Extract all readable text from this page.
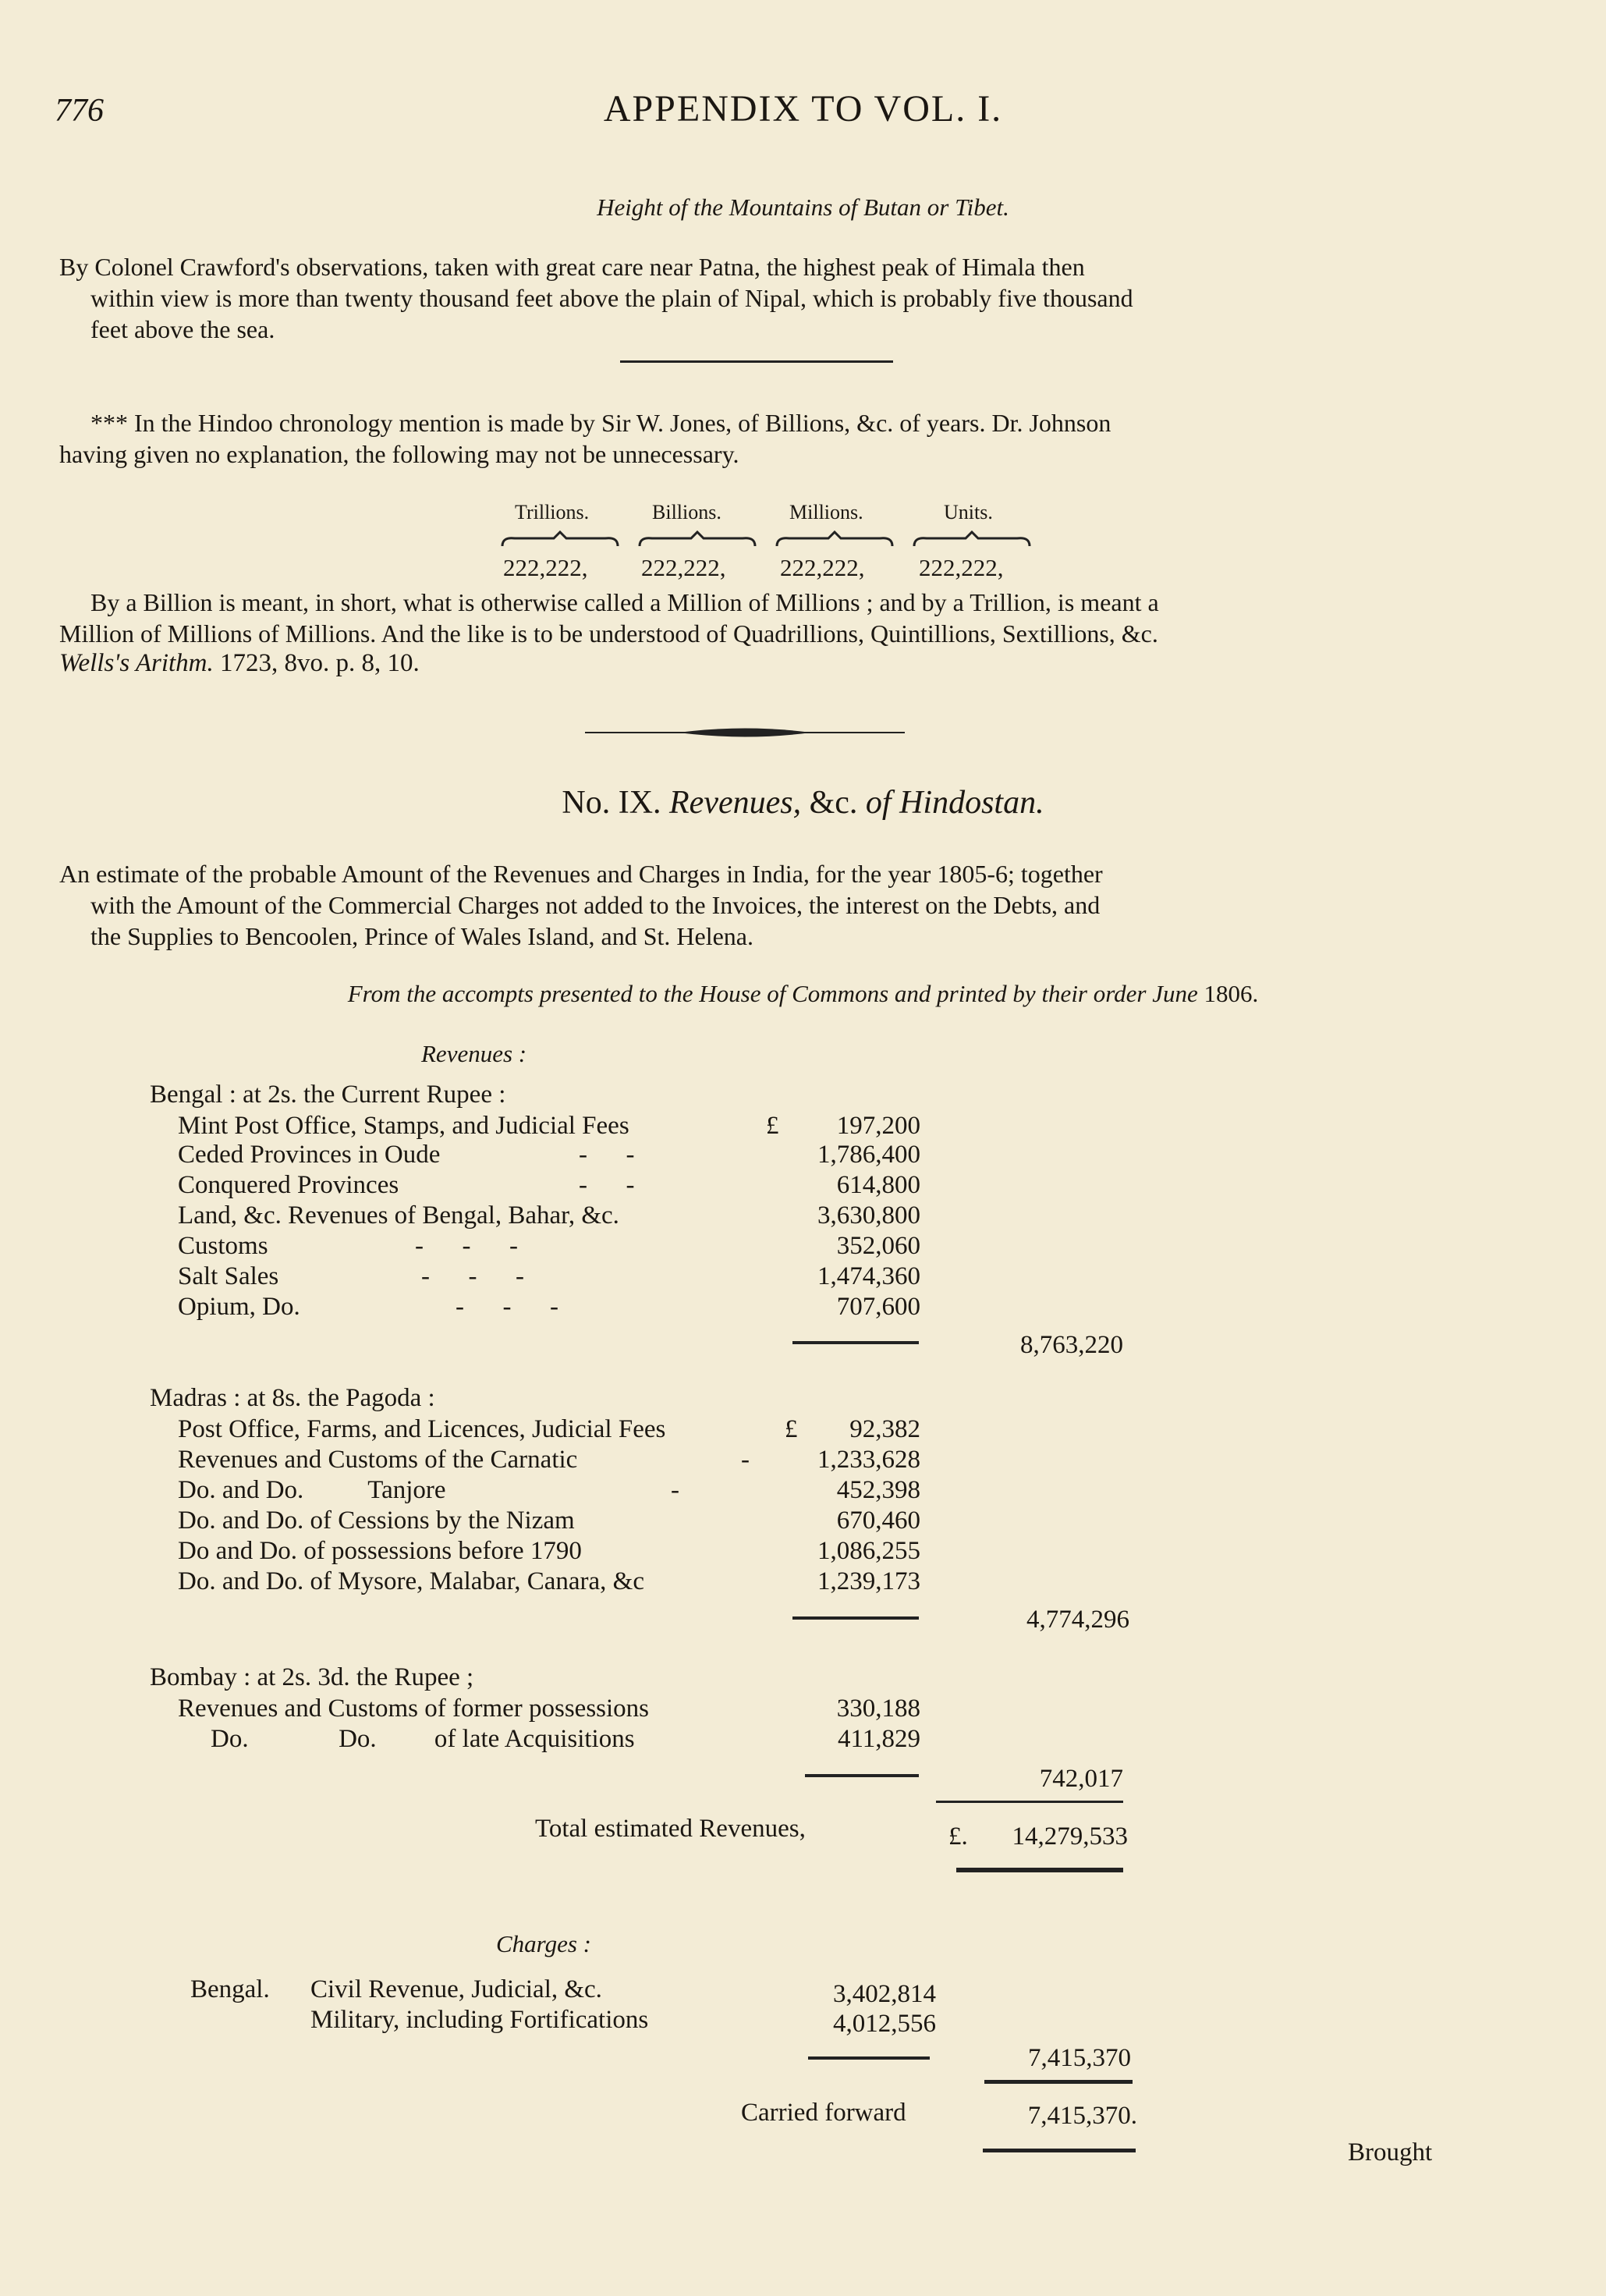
776	APPENDIX TO VOL. I.
Height of the Mountains of Butan or Tibet.
By Colonel Crawford's observations, taken with great care near Patna, the highest peak of Himala then
within view is more than twenty thousand feet above the plain of Nipal, which is probably five thousand
feet above the sea.
*** In the Hindoo chronology mention is made by Sir W. Jones, of Billions, &c. of years. Dr. Johnson
having given no explanation, the following may not be unnecessary.
Trillions.	Billions.	Millions.	Units.
222,222, 222,222, 222,222, 222,222,
By a Billion is meant, in short, what is otherwise called a Million of Millions ; and by a Trillion, is meant a
Million of Millions of Millions. And the like is to be understood of Quadrillions, Quintillions, Sextillions, &c.
Wells's Arithm. 1723, 8vo. p. 8, 10.
No. IX. Revenues, &c. of Hindostan.
An estimate of the probable Amount of the Revenues and Charges in India, for the year 1805-6; together
with the Amount of the Commercial Charges not added to the Invoices, the interest on the Debts, and
the Supplies to Bencoolen, Prince of Wales Island, and St. Helena.
From the accompts presented to the House of Commons and printed by their order June 1806.
Revenues :
Bengal : at 2s. the Current Rupee :
Mint Post Office, Stamps, and Judicial Fees	£	197,200
Ceded Provinces in Oude	-      -	1,786,400
Conquered Provinces	-      -	614,800
Land, &c. Revenues of Bengal, Bahar, &c.	3,630,800
Customs	-      -      -	352,060
Salt Sales	-      -      -	1,474,360
Opium, Do.	-      -      -	707,600
8,763,220
Madras : at 8s. the Pagoda :
Post Office, Farms, and Licences, Judicial Fees	£	92,382
Revenues and Customs of the Carnatic	-	1,233,628
Do. and Do.          Tanjore	-	452,398
Do. and Do. of Cessions by the Nizam	670,460
Do and Do. of possessions before 1790	1,086,255
Do. and Do. of Mysore, Malabar, Canara, &c	1,239,173
4,774,296
Bombay : at 2s. 3d. the Rupee ;
Revenues and Customs of former possessions	330,188
Do.              Do.         of late Acquisitions	411,829
742,017
Total estimated Revenues,	£.	14,279,533
Charges :
Bengal. Civil Revenue, Judicial, &c.	3,402,814
Military, including Fortifications	4,012,556
7,415,370
Carried forward	7,415,370.
Brought
